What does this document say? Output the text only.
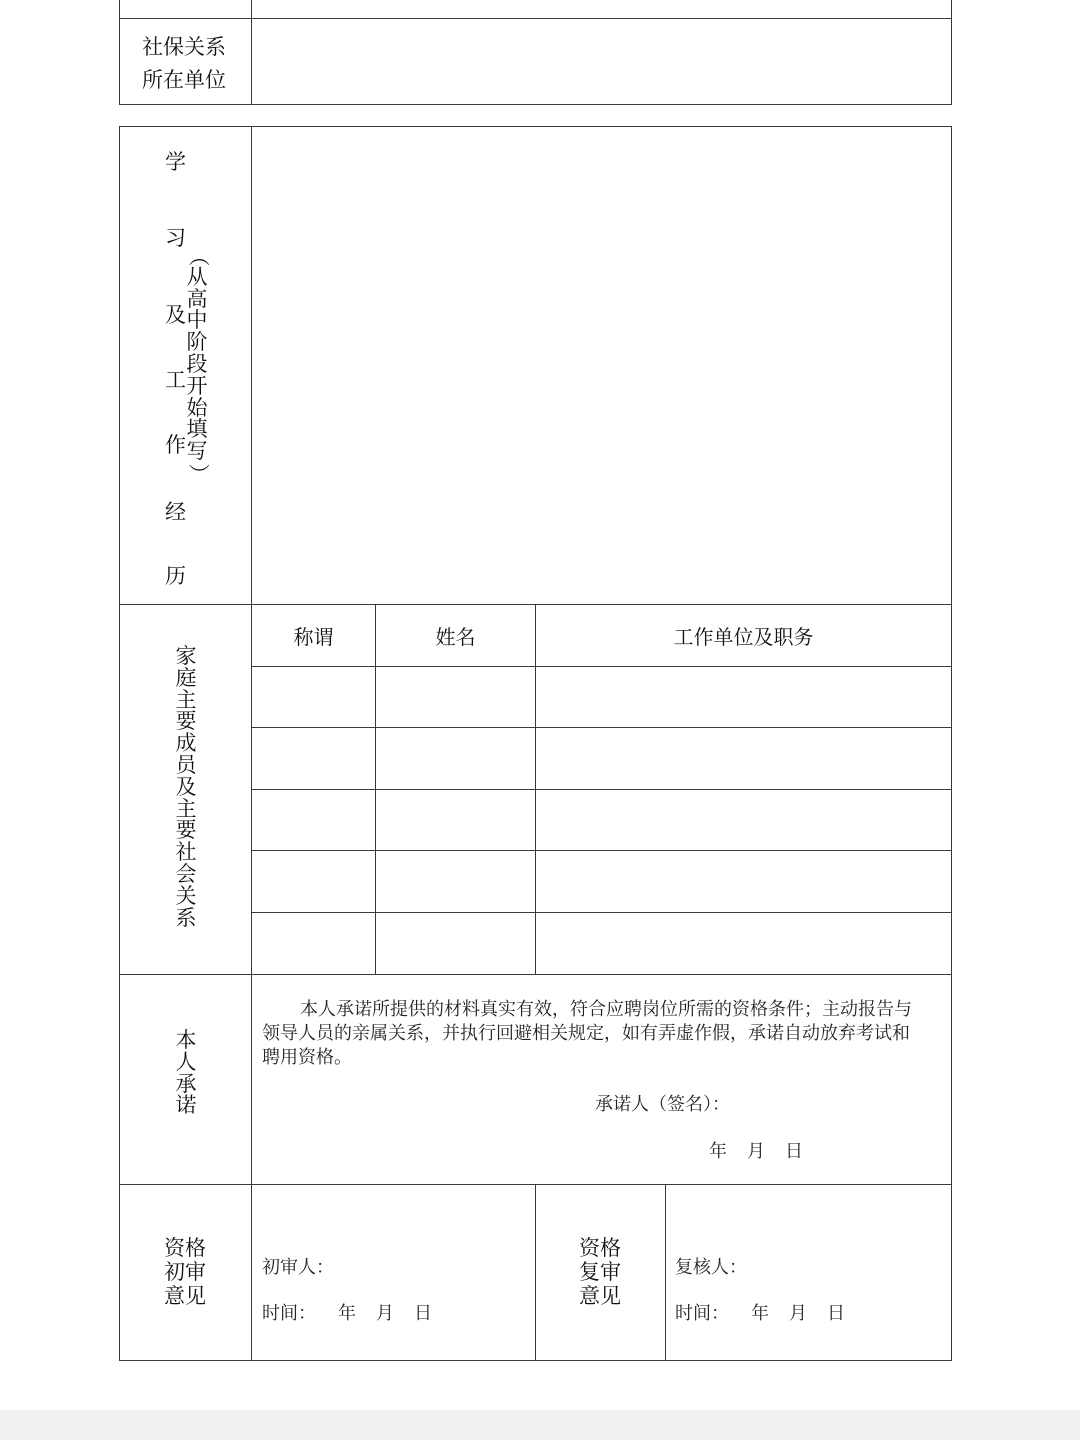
社保关系
所在单位
学
习
及
工
作
经
历
（
从
高
中
阶
段
开
始
填
写
）
家
庭
主
要
成
员
及
主
要
社
会
关
系
称谓	姓名	工作单位及职务
本
人
承
诺
本人承诺所提供的材料真实有效，符合应聘岗位所需的资格条件；主动报告与
领导人员的亲属关系，并执行回避相关规定，如有弄虚作假，承诺自动放弃考试和
聘用资格。
承诺人（签名）：
年 月 日
资格
初审
意见
初审人：
时间： 年 月 日
资格
复审
意见
复核人：
时间： 年 月 日
